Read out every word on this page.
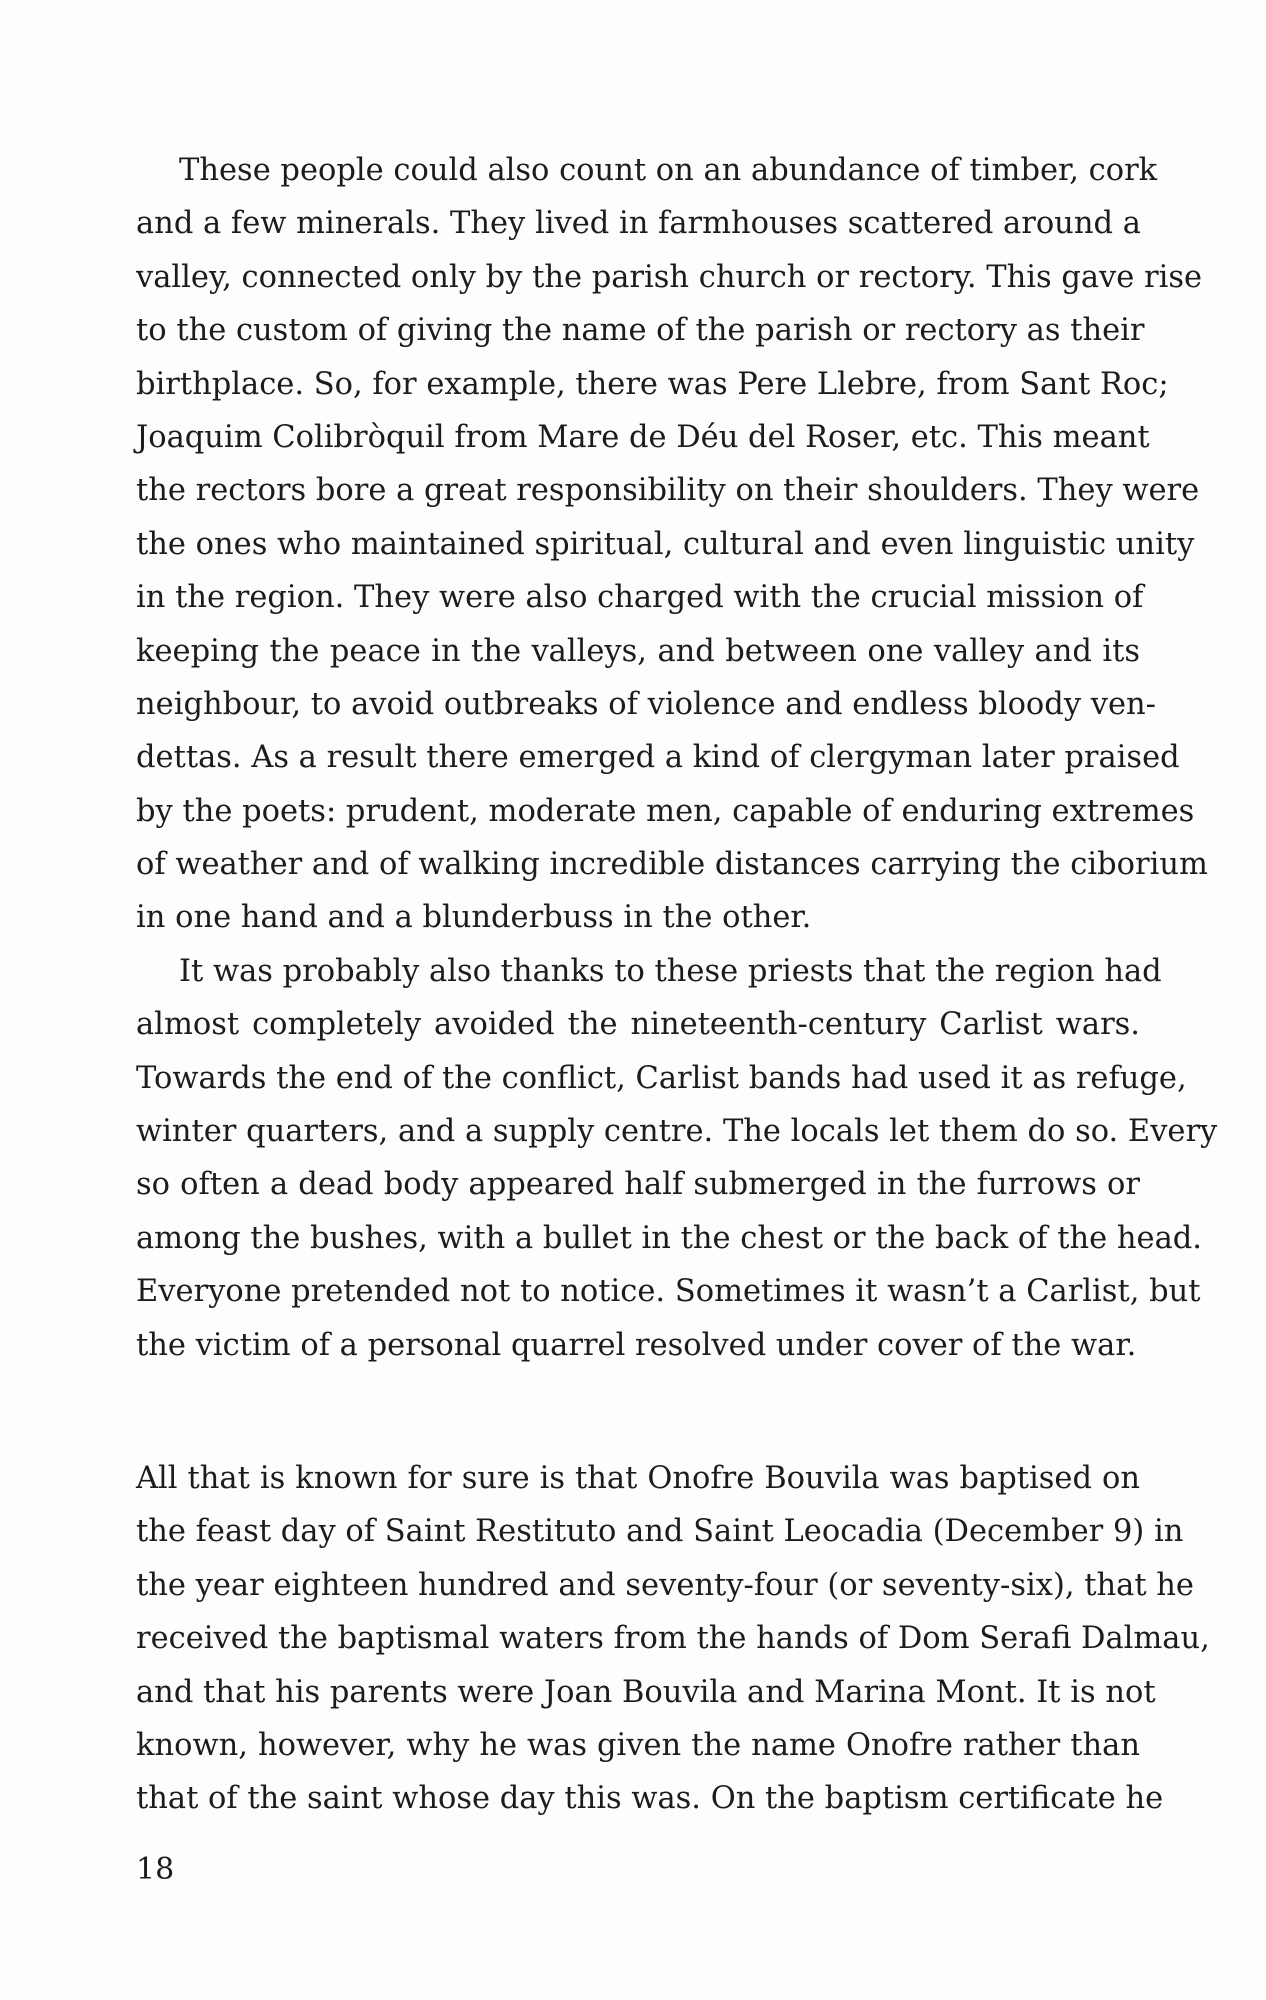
These people could also count on an abundance of timber, cork
and a few minerals. They lived in farmhouses scattered around a
valley, connected only by the parish church or rectory. This gave rise
to the custom of giving the name of the parish or rectory as their
birthplace. So, for example, there was Pere Llebre, from Sant Roc;
Joaquim Colibròquil from Mare de Déu del Roser, etc. This meant
the rectors bore a great responsibility on their shoulders. They were
the ones who maintained spiritual, cultural and even linguistic unity
in the region. They were also charged with the crucial mission of
keeping the peace in the valleys, and between one valley and its
neighbour, to avoid outbreaks of violence and endless bloody ven-
dettas. As a result there emerged a kind of clergyman later praised
by the poets: prudent, moderate men, capable of enduring extremes
of weather and of walking incredible distances carrying the ciborium
in one hand and a blunderbuss in the other.
It was probably also thanks to these priests that the region had
almost completely avoided the nineteenth-century Carlist wars.
Towards the end of the conflict, Carlist bands had used it as refuge,
winter quarters, and a supply centre. The locals let them do so. Every
so often a dead body appeared half submerged in the furrows or
among the bushes, with a bullet in the chest or the back of the head.
Everyone pretended not to notice. Sometimes it wasn’t a Carlist, but
the victim of a personal quarrel resolved under cover of the war.
All that is known for sure is that Onofre Bouvila was baptised on
the feast day of Saint Restituto and Saint Leocadia (December 9) in
the year eighteen hundred and seventy-four (or seventy-six), that he
received the baptismal waters from the hands of Dom Serafi Dalmau,
and that his parents were Joan Bouvila and Marina Mont. It is not
known, however, why he was given the name Onofre rather than
that of the saint whose day this was. On the baptism certificate he
18
